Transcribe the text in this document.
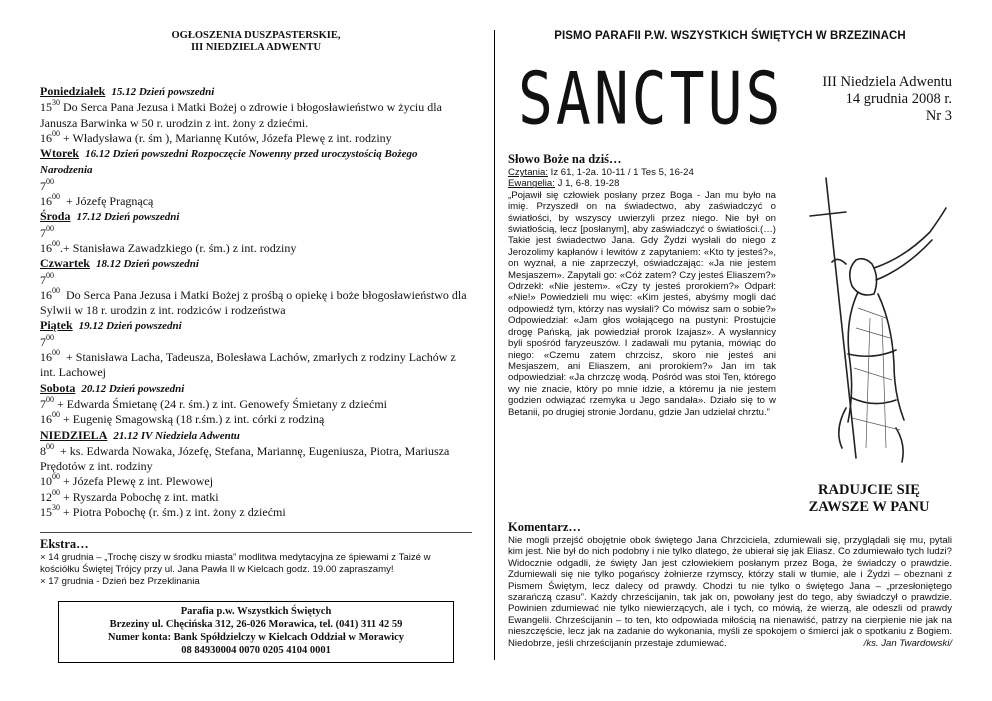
OGŁOSZENIA DUSZPASTERSKIE,
III NIEDZIELA ADWENTU

Poniedziałek 15.12 Dzień powszedni

$15^{30}$ Do Serca Pana Jezusa i Matki Bożej o zdrowie i błogosławieństwo w życiu dla Janusza Barwinka w 50 r. urodzin z int. żony z dziećmi.

$16^{00}$ + Władysława (r. śm ), Mariannę Kutów, Józefa Plewę z int. rodziny

Wtorek 16.12 Dzień powszedni Rozpoczęcie Nowenny przed uroczystością Bożego Narodzenia

$7^{00}$

$16^{00}$ + Józefę Pragnącą

Środa 17.12 Dzień powszedni

$7^{00}$

$16^{00}.+$ Stanisława Zawadzkiego (r. śm.) z int. rodziny

Czwartek 18.12 Dzień powszedni

$7^{00}$

$16^{00}$ Do Serca Pana Jezusa i Matki Bożej z prośbą o opiekę i boże błogosławieństwo dla Sylwii w 18 r. urodzin z int. rodziców i rodzeństwa

Piątek 19.12 Dzień powszedni

$7^{00}$

$16^{00}$ + Stanisława Lacha, Tadeusza, Bolesława Lachów, zmarłych z rodziny Lachów z int. Lachowej

Sobota 20.12 Dzień powszedni

$7^{00}$ + Edwarda Śmietanę (24 r. śm.) z int. Genowefy Śmietany z dziećmi

$16^{00}$ + Eugenię Smagowską (18 r.śm.) z int. córki z rodziną

NIEDZIELA 21.12 IV Niedziela Adwentu

$8^{00}$ + ks. Edwarda Nowaka, Józefę, Stefana, Mariannę, Eugeniusza, Piotra, Mariusza Prędotów z int. rodziny

$10^{00}$ + Józefa Plewę z int. Plewowej

$12^{00}$ + Ryszarda Pobochę z int. matki

$15^{30}$ + Piotra Pobochę (r. śm.) z int. żony z dziećmi

Ekstra…
× 14 grudnia – „Trochę ciszy w środku miasta” modlitwa medytacyjna ze śpiewami z Taizé w kościółku Świętej Trójcy przy ul. Jana Pawła II w Kielcach godz. 19.00 zapraszamy!
× 17 grudnia - Dzień bez Przeklinania
Parafia p.w. Wszystkich Świętych
Brzeziny ul. Chęcińska 312, 26-026 Morawica, tel. (041) 311 42 59
Numer konta: Bank Spółdzielczy w Kielcach Oddział w Morawicy
08 84930004 0070 0205 4104 0001
PISMO PARAFII P.W. WSZYSTKICH ŚWIĘTYCH W BRZEZINACH
SANCTUS	III Niedziela Adwentu
14 grudnia 2008 r.
Nr 3
Słowo Boże na dziś…

Czytania: Iz 61, 1-2a. 10-11 / 1 Tes 5, 16-24

Ewangelia: J 1, 6-8. 19-28

„Pojawił się człowiek posłany przez Boga - Jan mu było na imię. Przyszedł on na świadectwo, aby zaświadczyć o światłości, by wszyscy uwierzyli przez niego. Nie był on światłością, lecz [posłanym], aby zaświadczyć o światłości.(…) Takie jest świadectwo Jana. Gdy Żydzi wysłali do niego z Jerozolimy kapłanów i lewitów z zapytaniem: «Kto ty jesteś?», on wyznał, a nie zaprzeczył, oświadczając: «Ja nie jestem Mesjaszem». Zapytali go: «Cóż zatem? Czy jesteś Eliaszem?» Odrzekł: «Nie jestem». «Czy ty jesteś prorokiem?» Odparł: «Nie!» Powiedzieli mu więc: «Kim jesteś, abyśmy mogli dać odpowiedź tym, którzy nas wysłali? Co mówisz sam o sobie?» Odpowiedział: «Jam głos wołającego na pustyni: Prostujcie drogę Pańską, jak powiedział prorok Izajasz». A wysłannicy byli spośród faryzeuszów. I zadawali mu pytania, mówiąc do niego: «Czemu zatem chrzcisz, skoro nie jesteś ani Mesjaszem, ani Eliaszem, ani prorokiem?» Jan im tak odpowiedział: «Ja chrzczę wodą. Pośród was stoi Ten, którego wy nie znacie, który po mnie idzie, a któremu ja nie jestem godzien odwiązać rzemyka u Jego sandała». Działo się to w Betanii, po drugiej stronie Jordanu, gdzie Jan udzielał chrztu.”

RADUJCIE SIĘ
ZAWSZE W PANU
Komentarz…

Nie mogli przejść obojętnie obok świętego Jana Chrzciciela, zdumiewali się, przyglądali się mu, pytali kim jest. Nie był do nich podobny i nie tylko dlatego, że ubierał się jak Eliasz. Co zdumiewało tych ludzi? Widocznie odgadli, że święty Jan jest człowiekiem posłanym przez Boga, że świadczy o prawdzie. Zdumiewali się nie tylko pogańscy żołnierze rzymscy, którzy stali w tłumie, ale i Żydzi – obeznani z Pismem Świętym, lecz dalecy od prawdy. Chodzi tu nie tylko o świętego Jana – „przesłoniętego szarańczą czasu”. Każdy chrześcijanin, tak jak on, powołany jest do tego, aby świadczył o prawdzie. Powinien zdumiewać nie tylko niewierzących, ale i tych, co mówią, że wierzą, ale odeszli od prawdy Ewangelii. Chrześcijanin – to ten, kto odpowiada miłością na nienawiść, patrzy na cierpienie nie jak na nieszczęście, lecz jak na zadanie do wykonania, myśli ze spokojem o śmierci jak o spotkaniu z Bogiem. Niedobrze, jeśli chrześcijanin przestaje zdumiewać.	/ks. Jan Twardowski/
